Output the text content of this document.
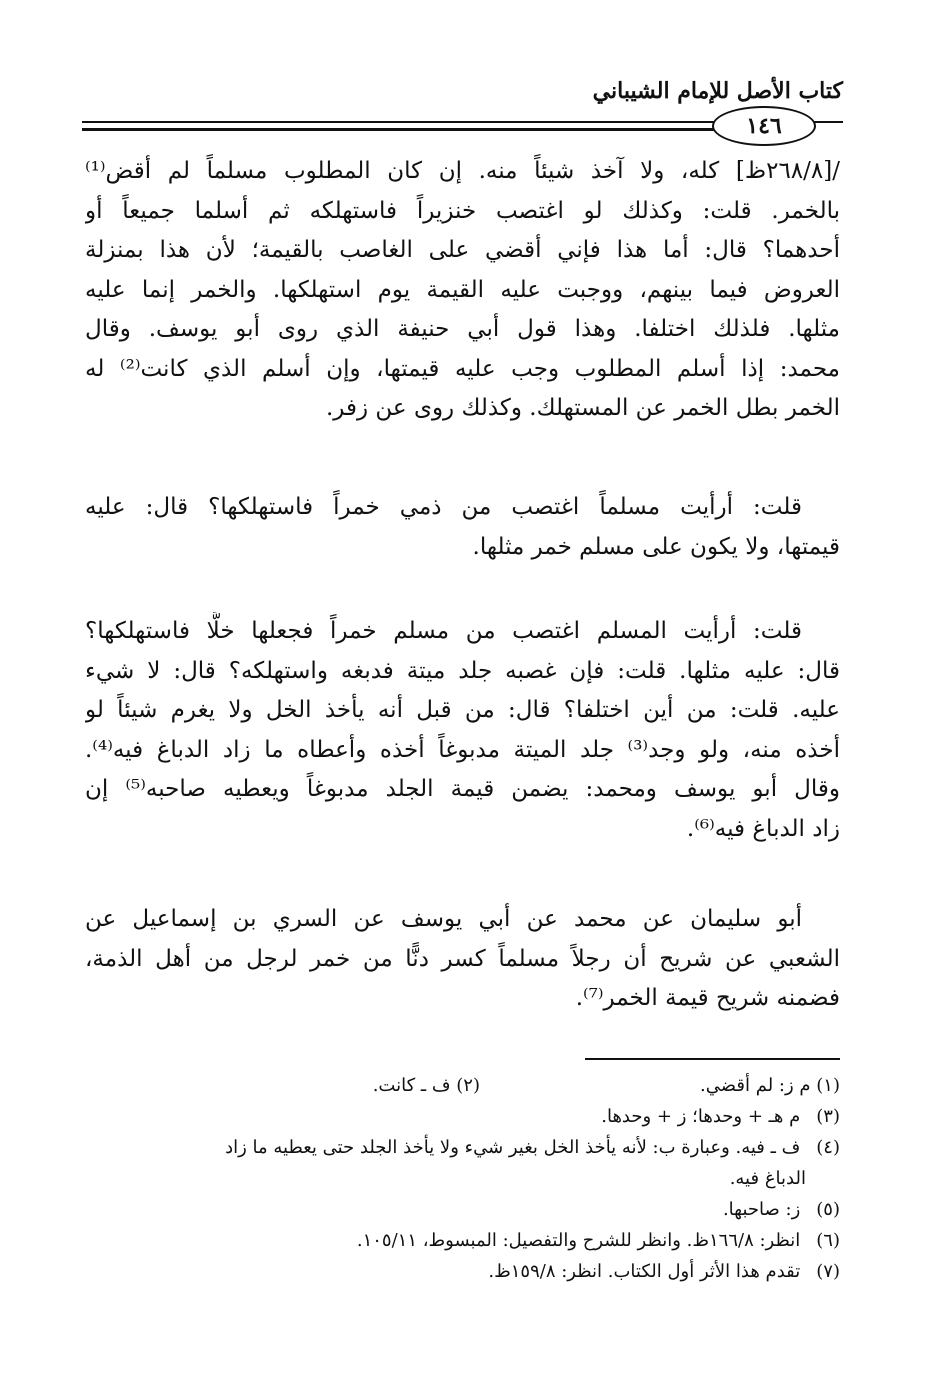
كتاب الأصل للإمام الشيباني
١٤٦
/[٢٦٨/٨ظ] كله، ولا آخذ شيئاً منه. إن كان المطلوب مسلماً لم أقض⁽¹⁾
بالخمر. قلت: وكذلك لو اغتصب خنزيراً فاستهلكه ثم أسلما جميعاً أو
أحدهما؟ قال: أما هذا فإني أقضي على الغاصب بالقيمة؛ لأن هذا بمنزلة
العروض فيما بينهم، ووجبت عليه القيمة يوم استهلكها. والخمر إنما عليه
مثلها. فلذلك اختلفا. وهذا قول أبي حنيفة الذي روى أبو يوسف. وقال
محمد: إذا أسلم المطلوب وجب عليه قيمتها، وإن أسلم الذي كانت⁽²⁾ له
الخمر بطل الخمر عن المستهلك. وكذلك روى عن زفر.
قلت: أرأيت مسلماً اغتصب من ذمي خمراً فاستهلكها؟ قال: عليه
قيمتها، ولا يكون على مسلم خمر مثلها.
قلت: أرأيت المسلم اغتصب من مسلم خمراً فجعلها خلًّا فاستهلكها؟
قال: عليه مثلها. قلت: فإن غصبه جلد ميتة فدبغه واستهلكه؟ قال: لا شيء
عليه. قلت: من أين اختلفا؟ قال: من قبل أنه يأخذ الخل ولا يغرم شيئاً لو
أخذه منه، ولو وجد⁽³⁾ جلد الميتة مدبوغاً أخذه وأعطاه ما زاد الدباغ فيه⁽⁴⁾.
وقال أبو يوسف ومحمد: يضمن قيمة الجلد مدبوغاً ويعطيه صاحبه⁽⁵⁾ إن
زاد الدباغ فيه⁽⁶⁾.
أبو سليمان عن محمد عن أبي يوسف عن السري بن إسماعيل عن
الشعبي عن شريح أن رجلاً مسلماً كسر دنًّا من خمر لرجل من أهل الذمة،
فضمنه شريح قيمة الخمر⁽⁷⁾.
(١) م ز: لم أقضي.
(٢) ف ـ كانت.
(٣) م هـ + وحدها؛ ز + وحدها.
(٤) ف ـ فيه. وعبارة ب: لأنه يأخذ الخل بغير شيء ولا يأخذ الجلد حتى يعطيه ما زاد
الدباغ فيه.
(٥) ز: صاحبها.
(٦) انظر: ١٦٦/٨ظ. وانظر للشرح والتفصيل: المبسوط، ١٠٥/١١.
(٧) تقدم هذا الأثر أول الكتاب. انظر: ١٥٩/٨ظ.
